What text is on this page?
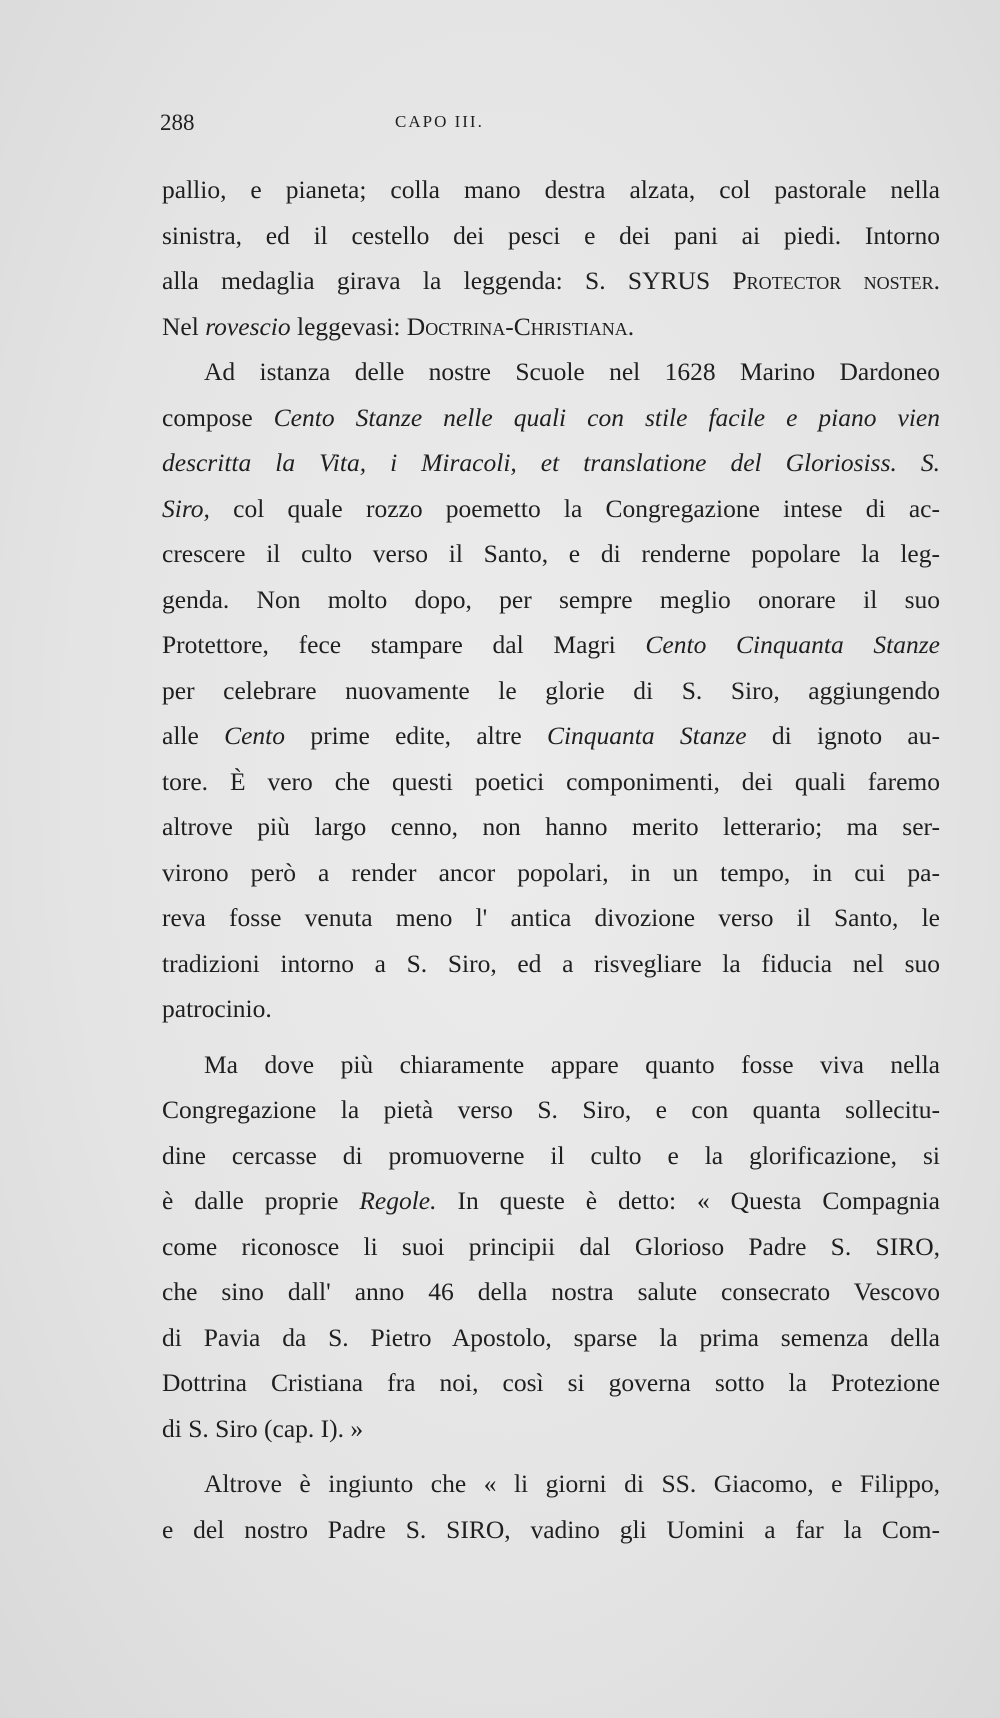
288	CAPO III.
pallio, e pianeta; colla mano destra alzata, col pastorale nella
sinistra, ed il cestello dei pesci e dei pani ai piedi. Intorno
alla medaglia girava la leggenda: S. SYRUS Protector noster.
Nel rovescio leggevasi: Doctrina-Christiana.
Ad istanza delle nostre Scuole nel 1628 Marino Dardoneo
compose Cento Stanze nelle quali con stile facile e piano vien
descritta la Vita, i Miracoli, et translatione del Gloriosiss. S.
Siro, col quale rozzo poemetto la Congregazione intese di ac-
crescere il culto verso il Santo, e di renderne popolare la leg-
genda. Non molto dopo, per sempre meglio onorare il suo
Protettore, fece stampare dal Magri Cento Cinquanta Stanze
per celebrare nuovamente le glorie di S. Siro, aggiungendo
alle Cento prime edite, altre Cinquanta Stanze di ignoto au-
tore. È vero che questi poetici componimenti, dei quali faremo
altrove più largo cenno, non hanno merito letterario; ma ser-
virono però a render ancor popolari, in un tempo, in cui pa-
reva fosse venuta meno l' antica divozione verso il Santo, le
tradizioni intorno a S. Siro, ed a risvegliare la fiducia nel suo
patrocinio.
Ma dove più chiaramente appare quanto fosse viva nella
Congregazione la pietà verso S. Siro, e con quanta sollecitu-
dine cercasse di promuoverne il culto e la glorificazione, si
è dalle proprie Regole. In queste è detto: « Questa Compagnia
come riconosce li suoi principii dal Glorioso Padre S. SIRO,
che sino dall' anno 46 della nostra salute consecrato Vescovo
di Pavia da S. Pietro Apostolo, sparse la prima semenza della
Dottrina Cristiana fra noi, così si governa sotto la Protezione
di S. Siro (cap. I). »
Altrove è ingiunto che « li giorni di SS. Giacomo, e Filippo,
e del nostro Padre S. SIRO, vadino gli Uomini a far la Com-
